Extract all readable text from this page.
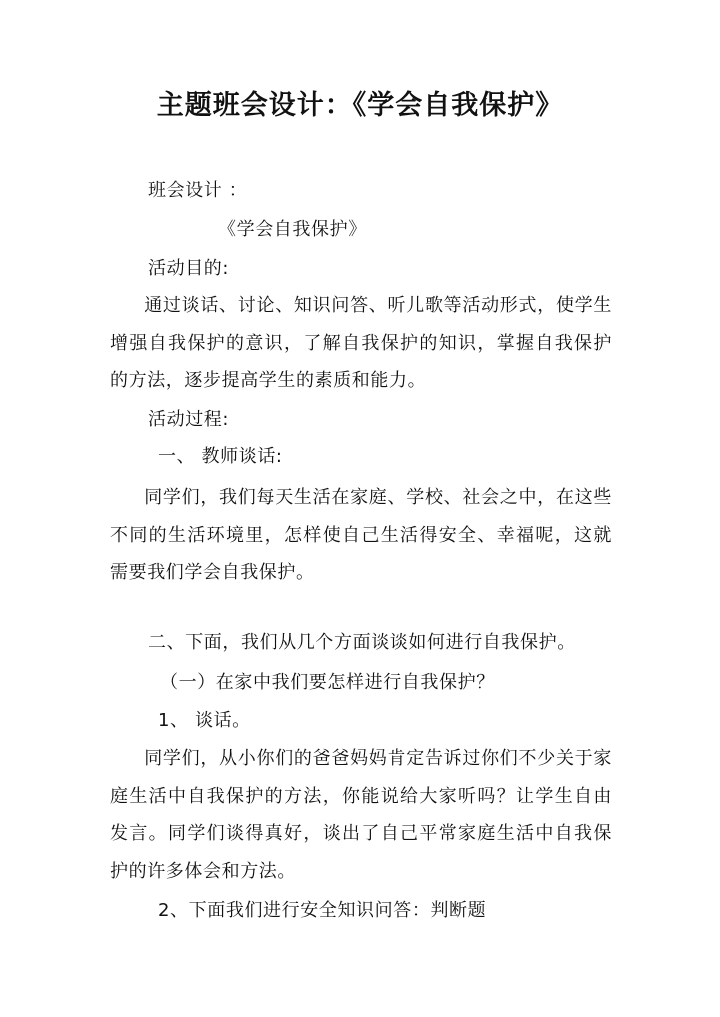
主题班会设计：《学会自我保护》
班会设计 ：
《学会自我保护》
活动目的:
通过谈话、讨论、知识问答、听儿歌等活动形式，使学生增强自我保护的意识，了解自我保护的知识，掌握自我保护的方法，逐步提高学生的素质和能力。
活动过程:
一、 教师谈话:
同学们，我们每天生活在家庭、学校、社会之中，在这些不同的生活环境里，怎样使自己生活得安全、幸福呢，这就需要我们学会自我保护。
二、下面，我们从几个方面谈谈如何进行自我保护。
（一）在家中我们要怎样进行自我保护？
1、 谈话。
同学们，从小你们的爸爸妈妈肯定告诉过你们不少关于家庭生活中自我保护的方法，你能说给大家听吗？让学生自由发言。同学们谈得真好，谈出了自己平常家庭生活中自我保护的许多体会和方法。
2、下面我们进行安全知识问答：判断题
